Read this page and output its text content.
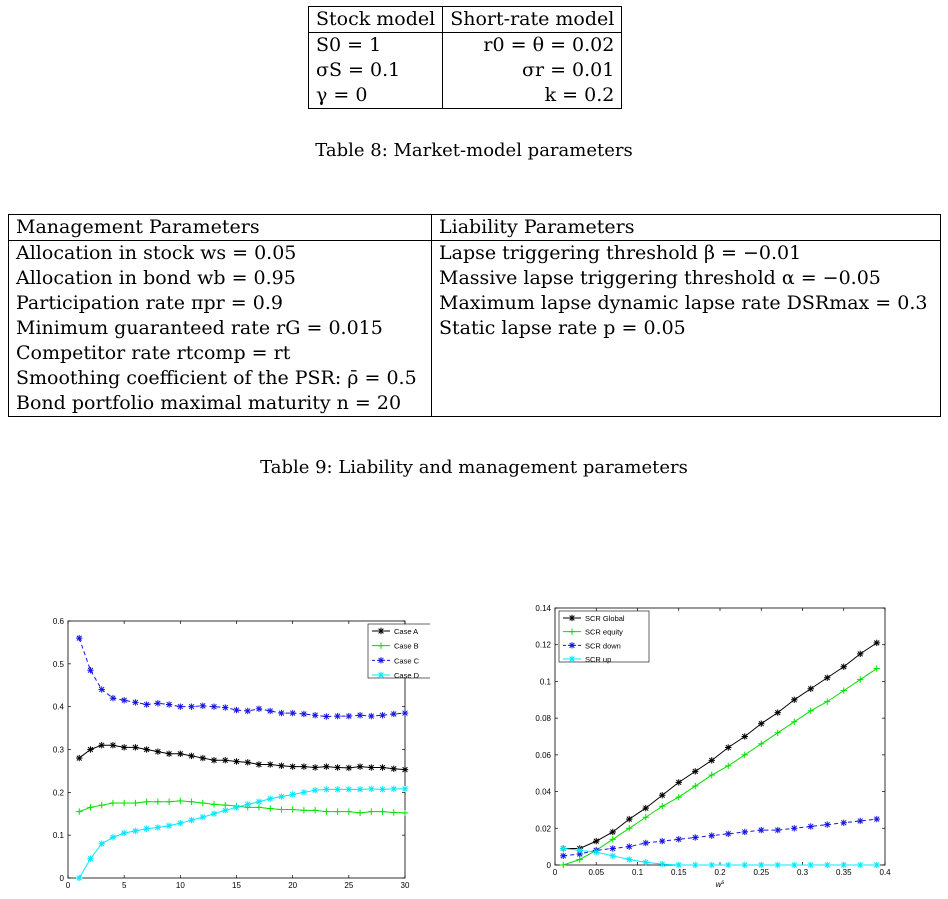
Stock model	Short-rate model
S0 = 1	r0 = θ = 0.02
σS = 0.1	σr = 0.01
γ = 0	k = 0.2
Table 8: Market-model parameters
Management Parameters	Liability Parameters
Allocation in stock ws = 0.05	Lapse triggering threshold β = −0.01
Allocation in bond wb = 0.95	Massive lapse triggering threshold α = −0.05
Participation rate πpr = 0.9	Maximum lapse dynamic lapse rate DSRmax = 0.3
Minimum guaranteed rate rG = 0.015	Static lapse rate p = 0.05
Competitor rate rtcomp = rt	
Smoothing coefficient of the PSR: ρ̄ = 0.5	
Bond portfolio maximal maturity n = 20	
Table 9: Liability and management parameters
0	5	10	15	20	25	30
0
0.1
0.2
0.3
0.4
0.5
0.6
Case A
Case B
Case C
Case D
0	0.05	0.1	0.15	0.2	0.25	0.3	0.35	0.4
0
0.02
0.04
0.06
0.08
0.1
0.12
0.14
$w^s$
SCR Global
SCR equity
SCR down
SCR up
